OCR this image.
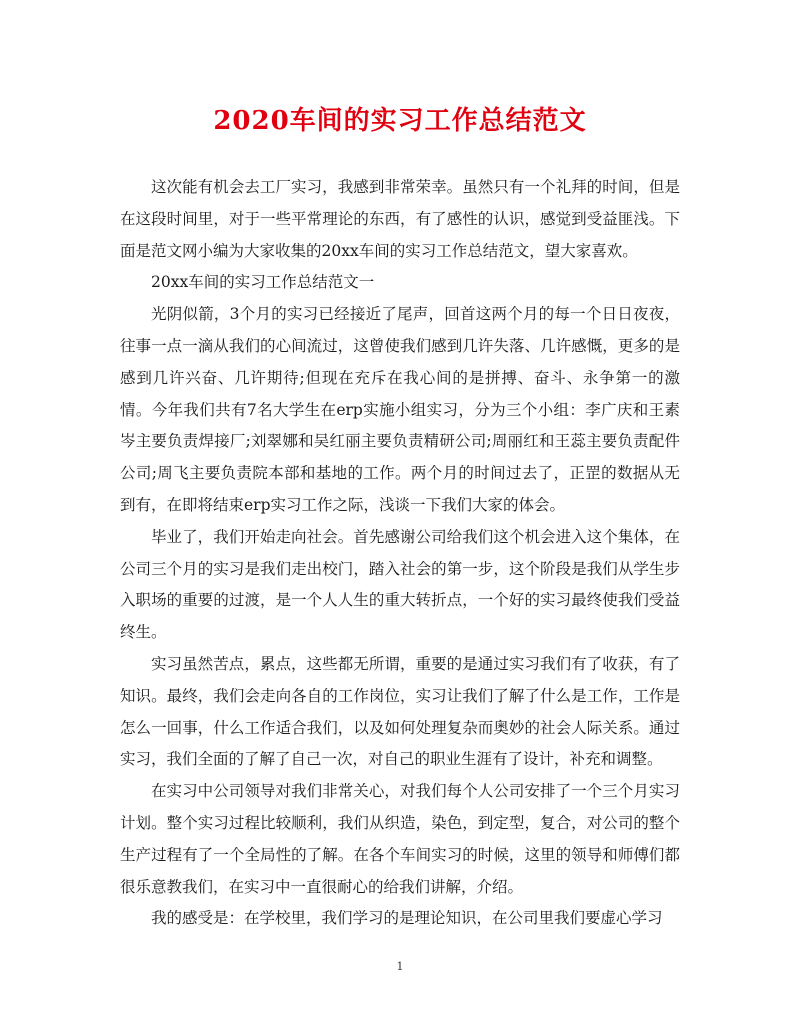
2020车间的实习工作总结范文

这次能有机会去工厂实习，我感到非常荣幸。虽然只有一个礼拜的时间，但是在这段时间里，对于一些平常理论的东西，有了感性的认识，感觉到受益匪浅。下面是范文网小编为大家收集的20xx车间的实习工作总结范文，望大家喜欢。

20xx车间的实习工作总结范文一

光阴似箭，3个月的实习已经接近了尾声，回首这两个月的每一个日日夜夜，往事一点一滴从我们的心间流过，这曾使我们感到几许失落、几许感慨，更多的是感到几许兴奋、几许期待;但现在充斥在我心间的是拼搏、奋斗、永争第一的激情。今年我们共有7名大学生在erp实施小组实习，分为三个小组：李广庆和王素岑主要负责焊接厂;刘翠娜和吴红丽主要负责精研公司;周丽红和王蕊主要负责配件公司;周飞主要负责院本部和基地的工作。两个月的时间过去了，正罡的数据从无到有，在即将结束erp实习工作之际，浅谈一下我们大家的体会。

毕业了，我们开始走向社会。首先感谢公司给我们这个机会进入这个集体，在公司三个月的实习是我们走出校门，踏入社会的第一步，这个阶段是我们从学生步入职场的重要的过渡，是一个人人生的重大转折点，一个好的实习最终使我们受益终生。

实习虽然苦点，累点，这些都无所谓，重要的是通过实习我们有了收获，有了知识。最终，我们会走向各自的工作岗位，实习让我们了解了什么是工作，工作是怎么一回事，什么工作适合我们，以及如何处理复杂而奥妙的社会人际关系。通过实习，我们全面的了解了自己一次，对自己的职业生涯有了设计，补充和调整。

在实习中公司领导对我们非常关心，对我们每个人公司安排了一个三个月实习计划。整个实习过程比较顺利，我们从织造，染色，到定型，复合，对公司的整个生产过程有了一个全局性的了解。在各个车间实习的时候，这里的领导和师傅们都很乐意教我们，在实习中一直很耐心的给我们讲解，介绍。

我的感受是：在学校里，我们学习的是理论知识，在公司里我们要虚心学习

1
